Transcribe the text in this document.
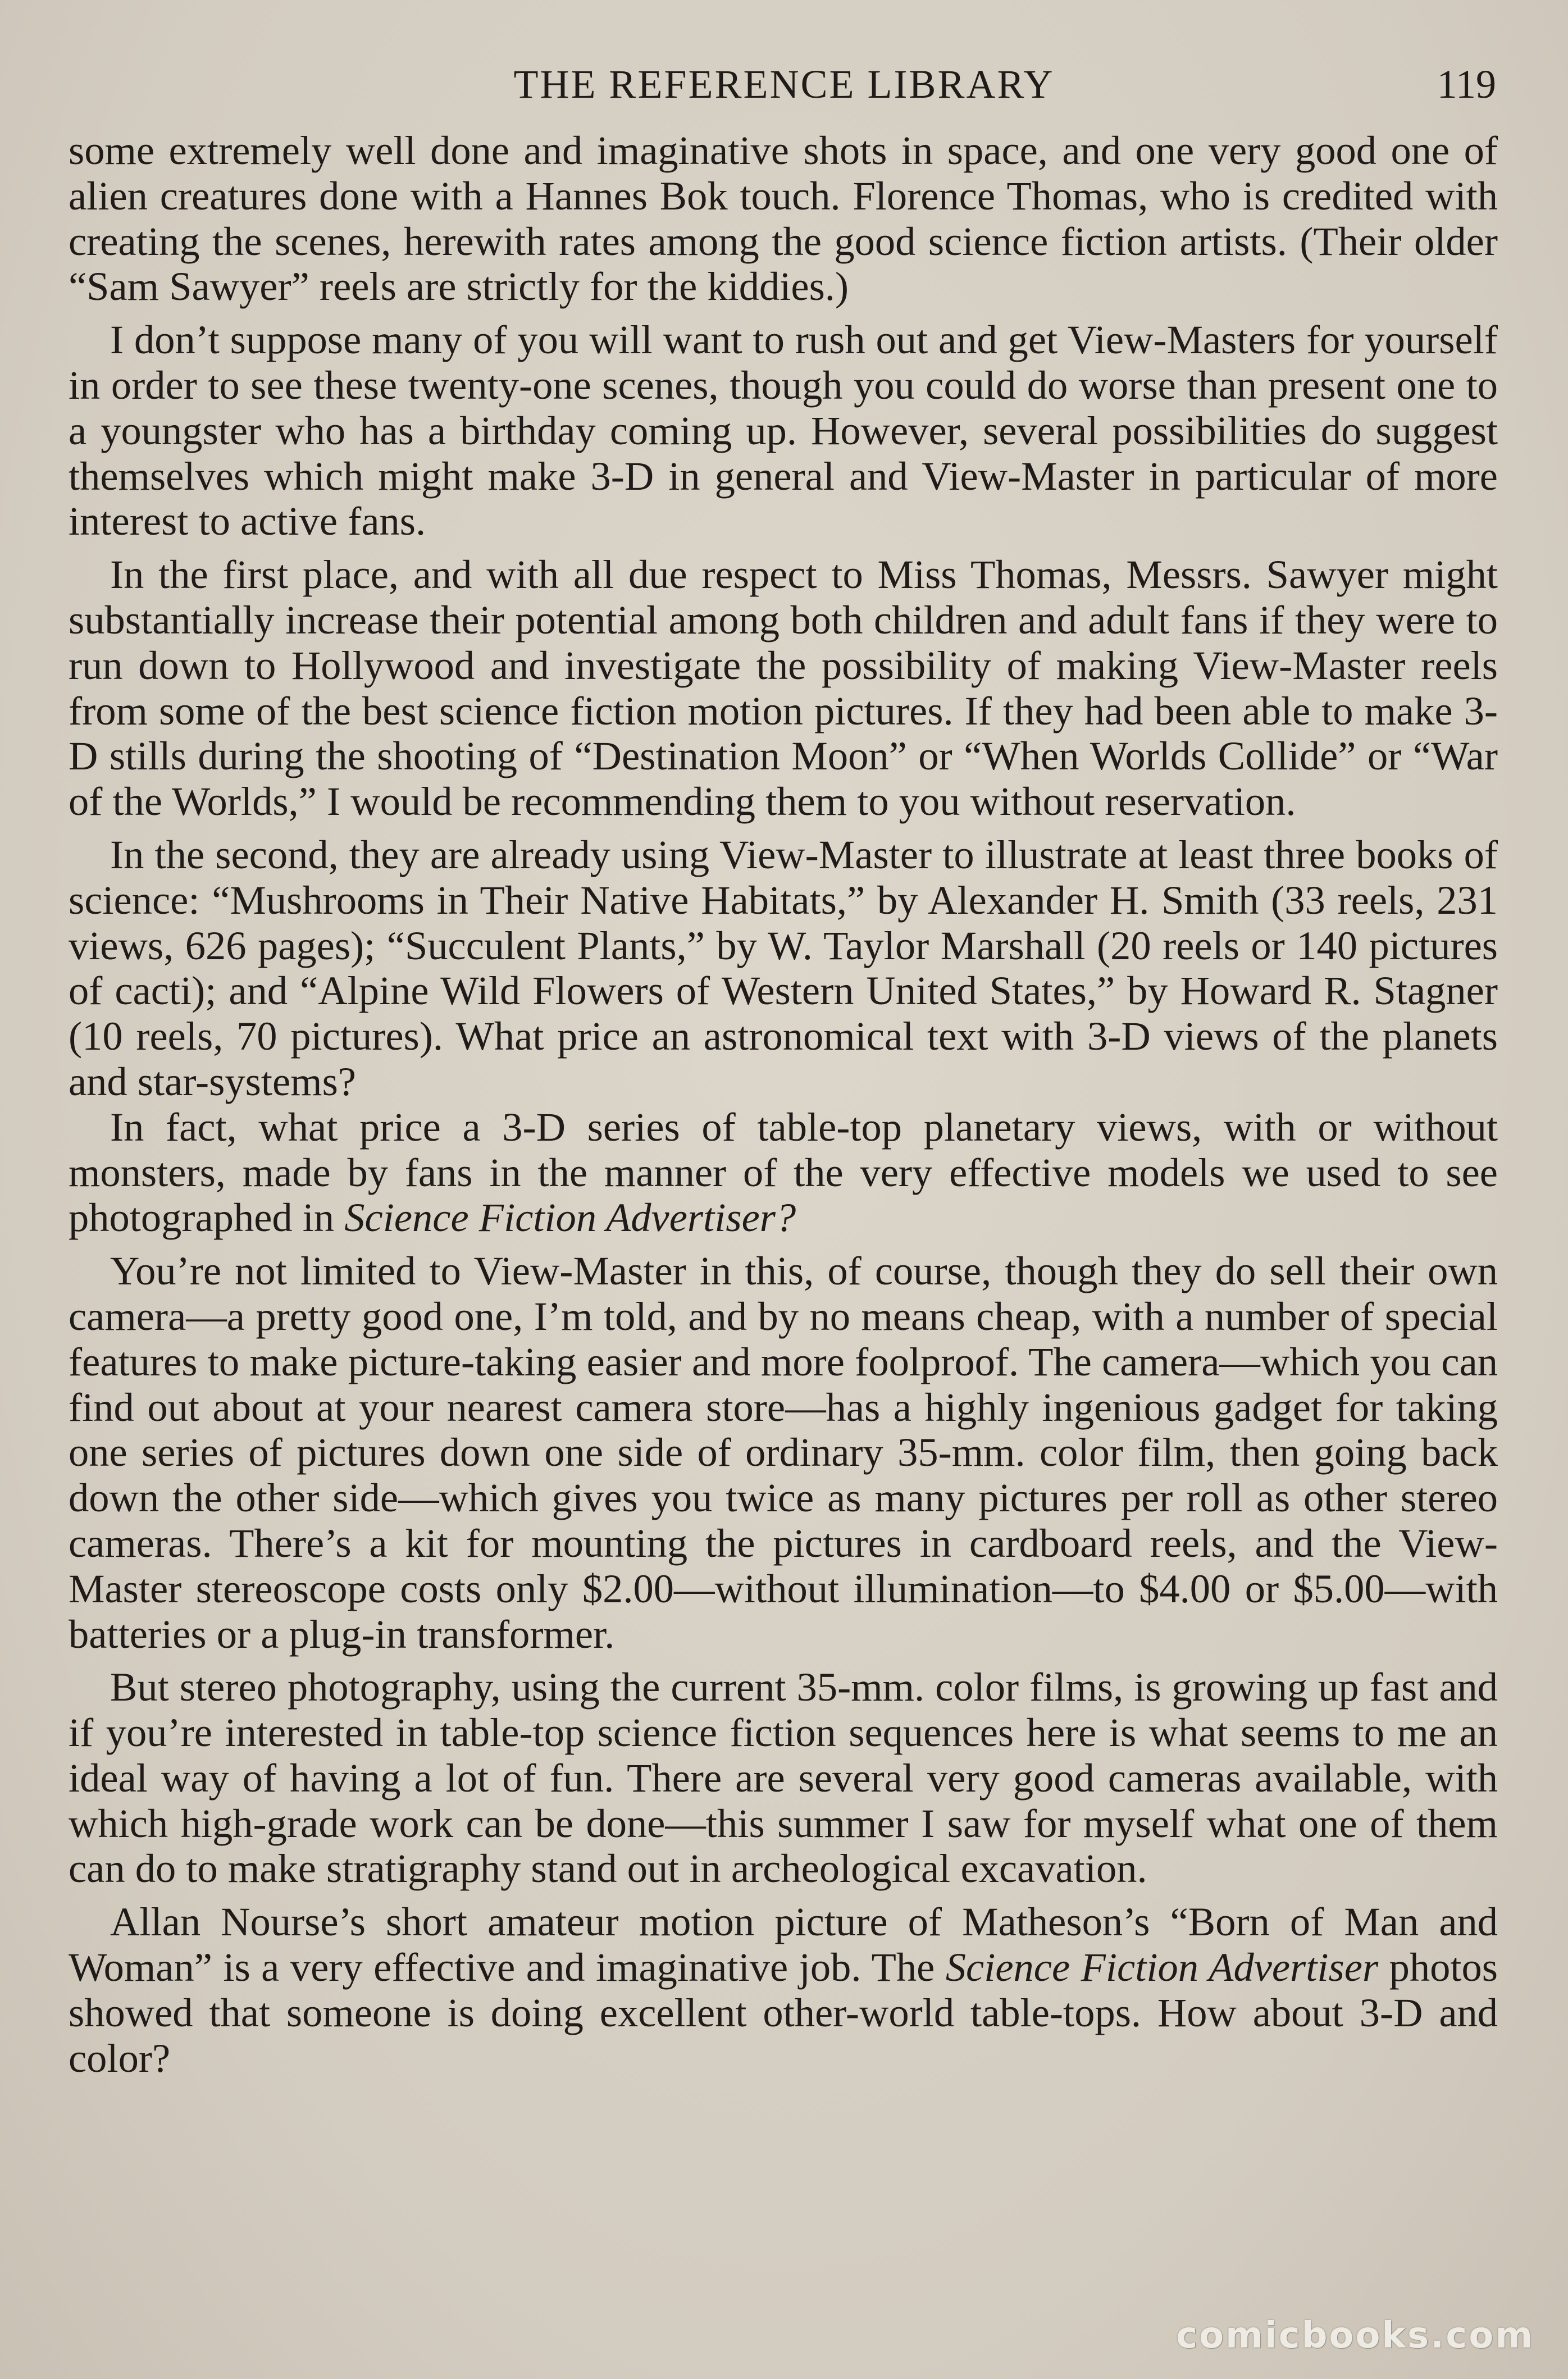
THE REFERENCE LIBRARY	119

some extremely well done and imaginative shots in space, and one very good one of alien creatures done with a Hannes Bok touch. Florence Thomas, who is credited with creating the scenes, herewith rates among the good science fiction artists. (Their older “Sam Sawyer” reels are strictly for the kiddies.)

I don’t suppose many of you will want to rush out and get View-Masters for yourself in order to see these twenty-one scenes, though you could do worse than present one to a youngster who has a birthday coming up. However, several possibilities do suggest themselves which might make 3-D in general and View-Master in particular of more interest to active fans.

In the first place, and with all due respect to Miss Thomas, Messrs. Sawyer might substantially increase their potential among both children and adult fans if they were to run down to Hollywood and investigate the possibility of making View-Master reels from some of the best science fiction motion pictures. If they had been able to make 3-D stills during the shooting of “Destination Moon” or “When Worlds Collide” or “War of the Worlds,” I would be recommending them to you without reservation.

In the second, they are already using View-Master to illustrate at least three books of science: “Mushrooms in Their Native Habitats,” by Alexander H. Smith (33 reels, 231 views, 626 pages); “Succulent Plants,” by W. Taylor Marshall (20 reels or 140 pictures of cacti); and “Alpine Wild Flowers of Western United States,” by Howard R. Stagner (10 reels, 70 pictures). What price an astronomical text with 3-D views of the planets and star-systems?

In fact, what price a 3-D series of table-top planetary views, with or without monsters, made by fans in the manner of the very effective models we used to see photographed in Science Fiction Advertiser?

You’re not limited to View-Master in this, of course, though they do sell their own camera—a pretty good one, I’m told, and by no means cheap, with a number of special features to make picture-taking easier and more foolproof. The camera—which you can find out about at your nearest camera store—has a highly ingenious gadget for taking one series of pictures down one side of ordinary 35-mm. color film, then going back down the other side—which gives you twice as many pictures per roll as other stereo cameras. There’s a kit for mounting the pictures in cardboard reels, and the View-Master stereoscope costs only $2.00—without illumination—to $4.00 or $5.00—with batteries or a plug-in transformer.

But stereo photography, using the current 35-mm. color films, is growing up fast and if you’re interested in table-top science fiction sequences here is what seems to me an ideal way of having a lot of fun. There are several very good cameras available, with which high-grade work can be done—this summer I saw for myself what one of them can do to make stratigraphy stand out in archeological excavation.

Allan Nourse’s short amateur motion picture of Matheson’s “Born of Man and Woman” is a very effective and imaginative job. The Science Fiction Advertiser photos showed that someone is doing excellent other-world table-tops. How about 3-D and color?

comicbooks.com
